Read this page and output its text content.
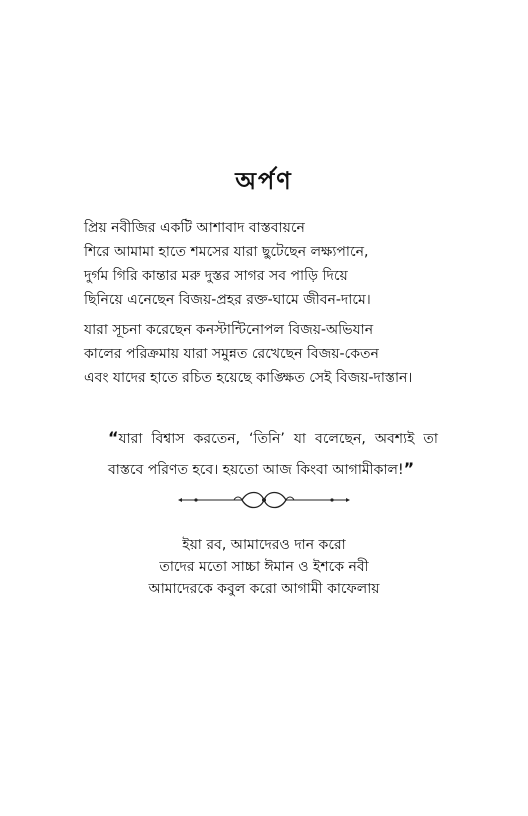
অর্পণ
প্রিয় নবীজির একটি আশাবাদ বাস্তবায়নে
শিরে আমামা হাতে শমসের যারা ছুটেছেন লক্ষ্যপানে,
দুর্গম গিরি কান্তার মরু দুস্তর সাগর সব পাড়ি দিয়ে
ছিনিয়ে এনেছেন বিজয়-প্রহর রক্ত-ঘামে জীবন-দামে।
যারা সূচনা করেছেন কনস্টান্টিনোপল বিজয়-অভিযান
কালের পরিক্রমায় যারা সমুন্নত রেখেছেন বিজয়-কেতন
এবং যাদের হাতে রচিত হয়েছে কাঙ্ক্ষিত সেই বিজয়-দাস্তান।
“যারা বিশ্বাস করতেন, ‘তিনি’ যা বলেছেন, অবশ্যই তা বাস্তবে পরিণত হবে। হয়তো আজ কিংবা আগামীকাল!”
ইয়া রব, আমাদেরও দান করো
তাদের মতো সাচ্চা ঈমান ও ইশকে নবী
আমাদেরকে কবুল করো আগামী কাফেলায়
